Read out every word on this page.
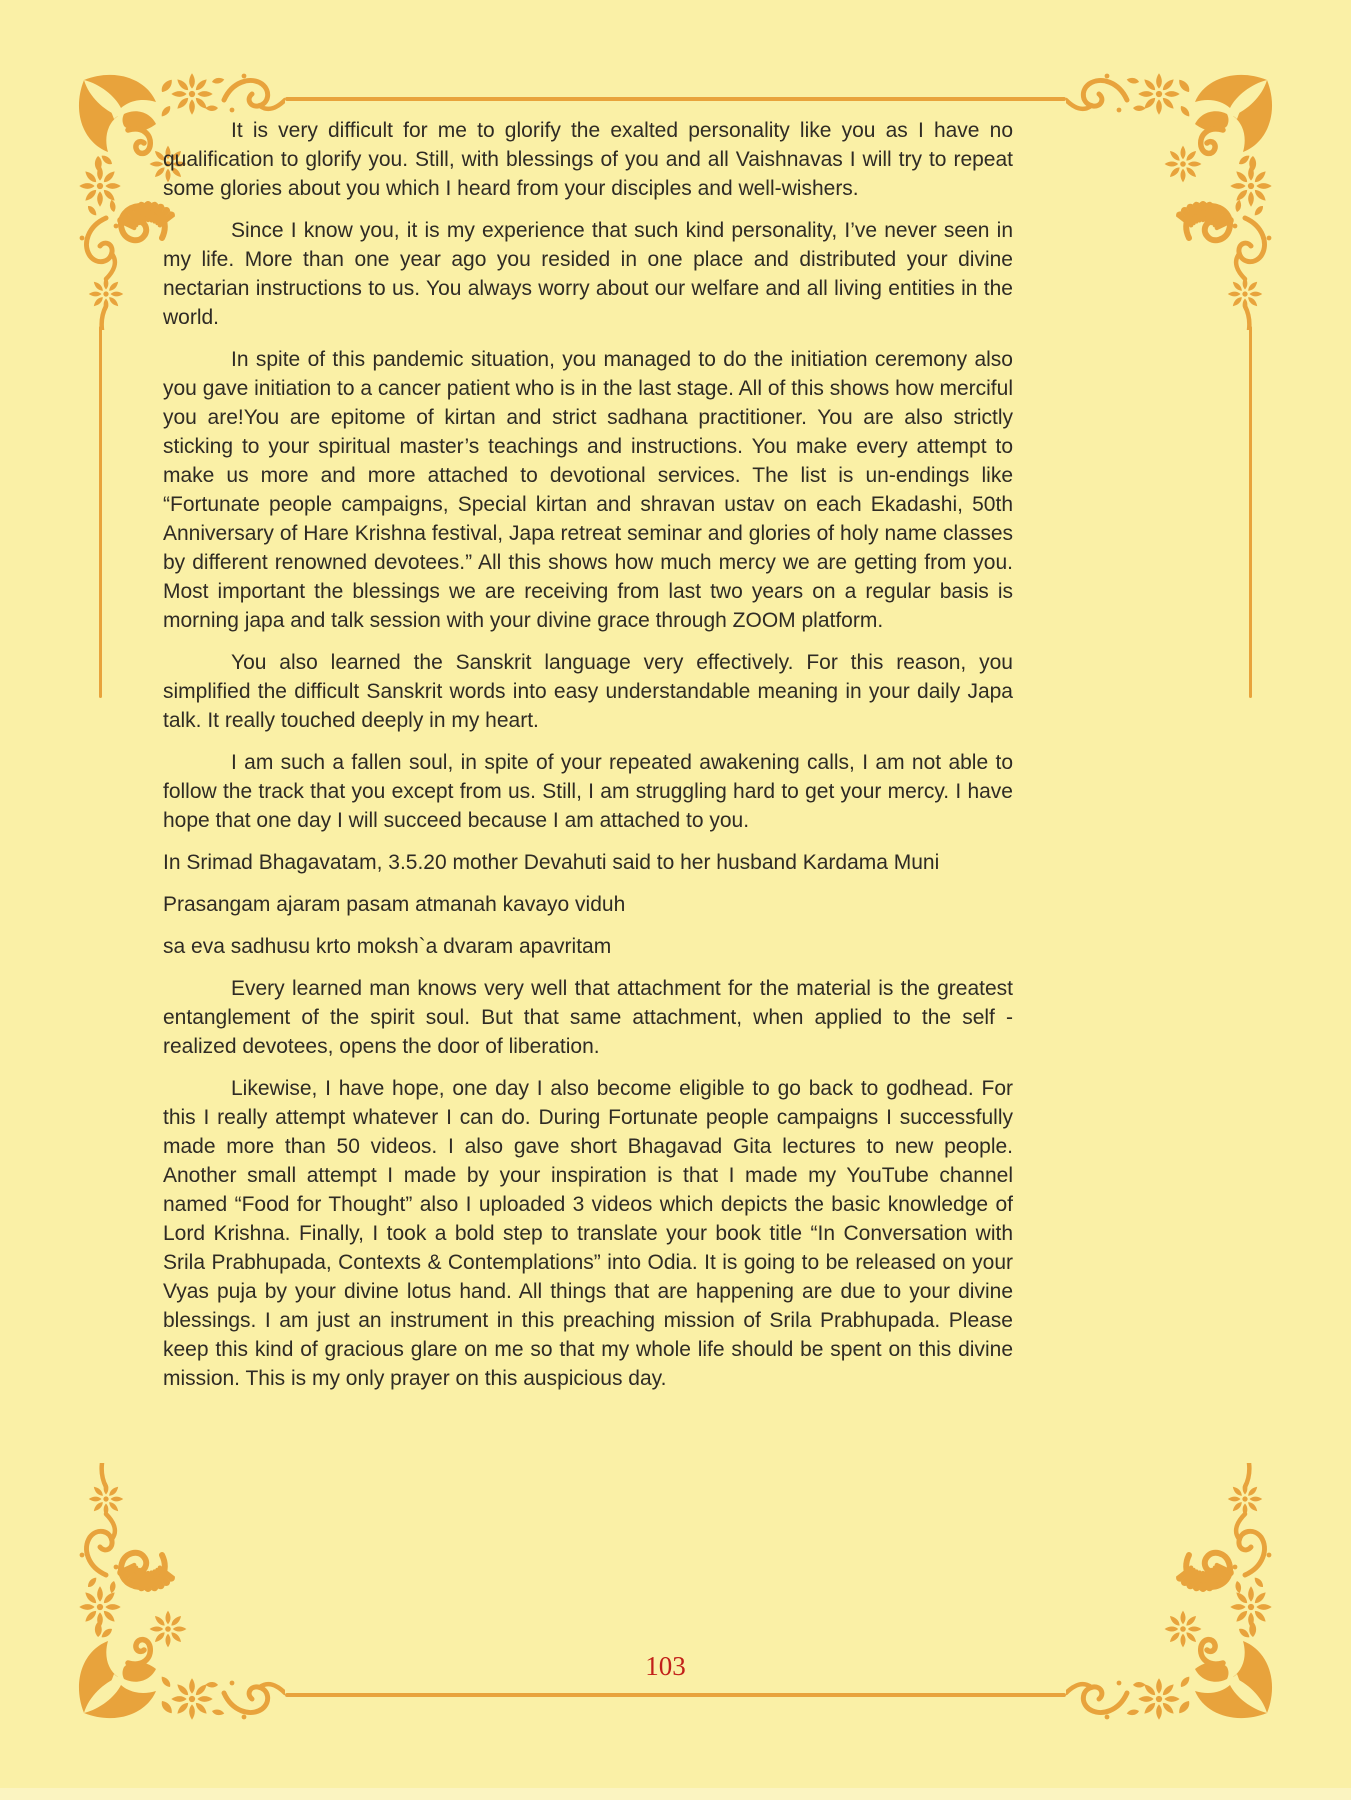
It is very difficult for me to glorify the exalted personality like you as I have no qualification to glorify you. Still, with blessings of you and all Vaishnavas I will try to repeat some glories about you which I heard from your disciples and well-wishers.

Since I know you, it is my experience that such kind personality, I’ve never seen in my life. More than one year ago you resided in one place and distributed your divine nectarian instructions to us. You always worry about our welfare and all living entities in the world.

In spite of this pandemic situation, you managed to do the initiation ceremony also you gave initiation to a cancer patient who is in the last stage. All of this shows how merciful you are!You are epitome of kirtan and strict sadhana practitioner. You are also strictly sticking to your spiritual master’s teachings and instructions. You make every attempt to make us more and more attached to devotional services. The list is un-endings like “Fortunate people campaigns, Special kirtan and shravan ustav on each Ekadashi, 50th Anniversary of Hare Krishna festival, Japa retreat seminar and glories of holy name classes by different renowned devotees.” All this shows how much mercy we are getting from you. Most important the blessings we are receiving from last two years on a regular basis is morning japa and talk session with your divine grace through ZOOM platform.

You also learned the Sanskrit language very effectively. For this reason, you simplified the difficult Sanskrit words into easy understandable meaning in your daily Japa talk. It really touched deeply in my heart.

I am such a fallen soul, in spite of your repeated awakening calls, I am not able to follow the track that you except from us. Still, I am struggling hard to get your mercy. I have hope that one day I will succeed because I am attached to you.

In Srimad Bhagavatam, 3.5.20 mother Devahuti said to her husband Kardama Muni

Prasangam ajaram pasam atmanah kavayo viduh

sa eva sadhusu krto moksh`a dvaram apavritam

Every learned man knows very well that attachment for the material is the greatest entanglement of the spirit soul. But that same attachment, when applied to the self - realized devotees, opens the door of liberation.

Likewise, I have hope, one day I also become eligible to go back to godhead. For this I really attempt whatever I can do. During Fortunate people campaigns I successfully made more than 50 videos. I also gave short Bhagavad Gita lectures to new people. Another small attempt I made by your inspiration is that I made my YouTube channel named “Food for Thought” also I uploaded 3 videos which depicts the basic knowledge of Lord Krishna. Finally, I took a bold step to translate your book title “In Conversation with Srila Prabhupada, Contexts & Contemplations” into Odia. It is going to be released on your Vyas puja by your divine lotus hand. All things that are happening are due to your divine blessings. I am just an instrument in this preaching mission of Srila Prabhupada. Please keep this kind of gracious glare on me so that my whole life should be spent on this divine mission. This is my only prayer on this auspicious day.

103
